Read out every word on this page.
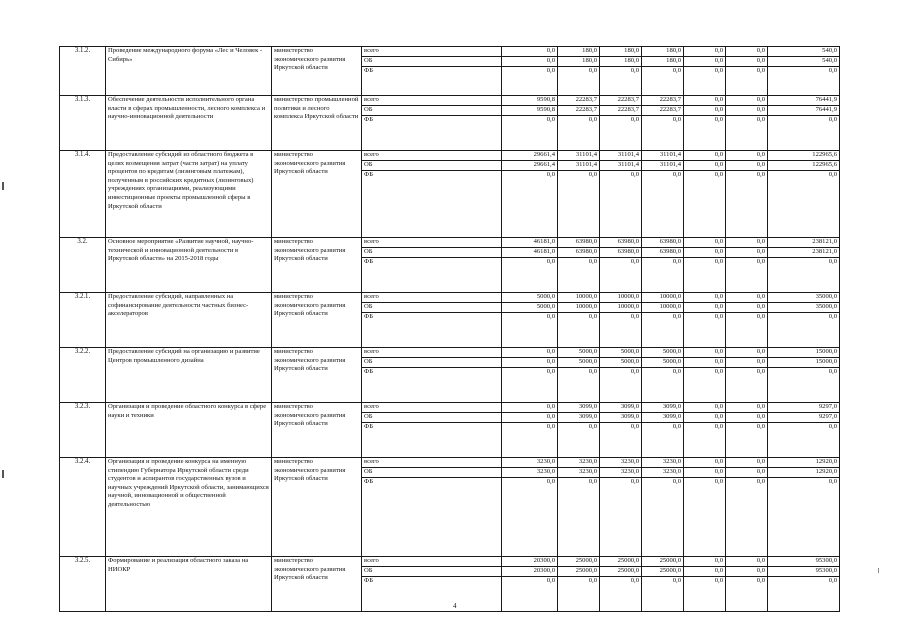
3.1.2.	Проведение международного форума «Лес и Человек - Сибирь»	министерство экономического развития Иркутской области	всего	0,0	180,0	180,0	180,0	0,0	0,0	540,0
			ОБ	0,0	180,0	180,0	180,0	0,0	0,0	540,0
			ФБ	0,0	0,0	0,0	0,0	0,0	0,0	0,0
3.1.3.	Обеспечение деятельности исполнительного органа власти в сферах промышленности, лесного комплекса и научно-инновационной деятельности	министерство промышленной политики и лесного комплекса Иркутской области	всего	9590,8	22283,7	22283,7	22283,7	0,0	0,0	76441,9
			ОБ	9590,8	22283,7	22283,7	22283,7	0,0	0,0	76441,9
			ФБ	0,0	0,0	0,0	0,0	0,0	0,0	0,0
3.1.4.	Предоставление субсидий из областного бюджета в целях возмещения затрат (части затрат) на уплату процентов по кредитам (лизинговым платежам), полученным в российских кредитных (лизинговых) учреждениях организациями, реализующими инвестиционные проекты промышленной сферы в Иркутской области	министерство экономического развития Иркутской области	всего	29661,4	31101,4	31101,4	31101,4	0,0	0,0	122965,6
			ОБ	29661,4	31101,4	31101,4	31101,4	0,0	0,0	122965,6
			ФБ	0,0	0,0	0,0	0,0	0,0	0,0	0,0
3.2.	Основное мероприятие «Развитие научной, научно-технической и инновационной деятельности в Иркутской области» на 2015-2018 годы	министерство экономического развития Иркутской области	всего	46181,0	63980,0	63980,0	63980,0	0,0	0,0	238121,0
			ОБ	46181,0	63980,0	63980,0	63980,0	0,0	0,0	238121,0
			ФБ	0,0	0,0	0,0	0,0	0,0	0,0	0,0
3.2.1.	Предоставление субсидий, направленных на софинансирование деятельности частных бизнес-акселераторов	министерство экономического развития Иркутской области	всего	5000,0	10000,0	10000,0	10000,0	0,0	0,0	35000,0
			ОБ	5000,0	10000,0	10000,0	10000,0	0,0	0,0	35000,0
			ФБ	0,0	0,0	0,0	0,0	0,0	0,0	0,0
3.2.2.	Предоставление субсидий на организацию и развитие Центров промышленного дизайна	министерство экономического развития Иркутской области	всего	0,0	5000,0	5000,0	5000,0	0,0	0,0	15000,0
			ОБ	0,0	5000,0	5000,0	5000,0	0,0	0,0	15000,0
			ФБ	0,0	0,0	0,0	0,0	0,0	0,0	0,0
3.2.3.	Организация и проведение областного конкурса в сфере науки и техники	министерство экономического развития Иркутской области	всего	0,0	3099,0	3099,0	3099,0	0,0	0,0	9297,0
			ОБ	0,0	3099,0	3099,0	3099,0	0,0	0,0	9297,0
			ФБ	0,0	0,0	0,0	0,0	0,0	0,0	0,0
3.2.4.	Организация и проведение конкурса на именную стипендию Губернатора Иркутской области среди студентов и аспирантов государственных вузов и научных учреждений Иркутской области, занимающихся научной, инновационной и общественной деятельностью	министерство экономического развития Иркутской области	всего	3230,0	3230,0	3230,0	3230,0	0,0	0,0	12920,0
			ОБ	3230,0	3230,0	3230,0	3230,0	0,0	0,0	12920,0
			ФБ	0,0	0,0	0,0	0,0	0,0	0,0	0,0
3.2.5.	Формирование и реализация областного заказа на НИОКР	министерство экономического развития Иркутской области	всего	20300,0	25000,0	25000,0	25000,0	0,0	0,0	95300,0
			ОБ	20300,0	25000,0	25000,0	25000,0	0,0	0,0	95300,0
			ФБ	0,0	0,0	0,0	0,0	0,0	0,0	0,0
4
